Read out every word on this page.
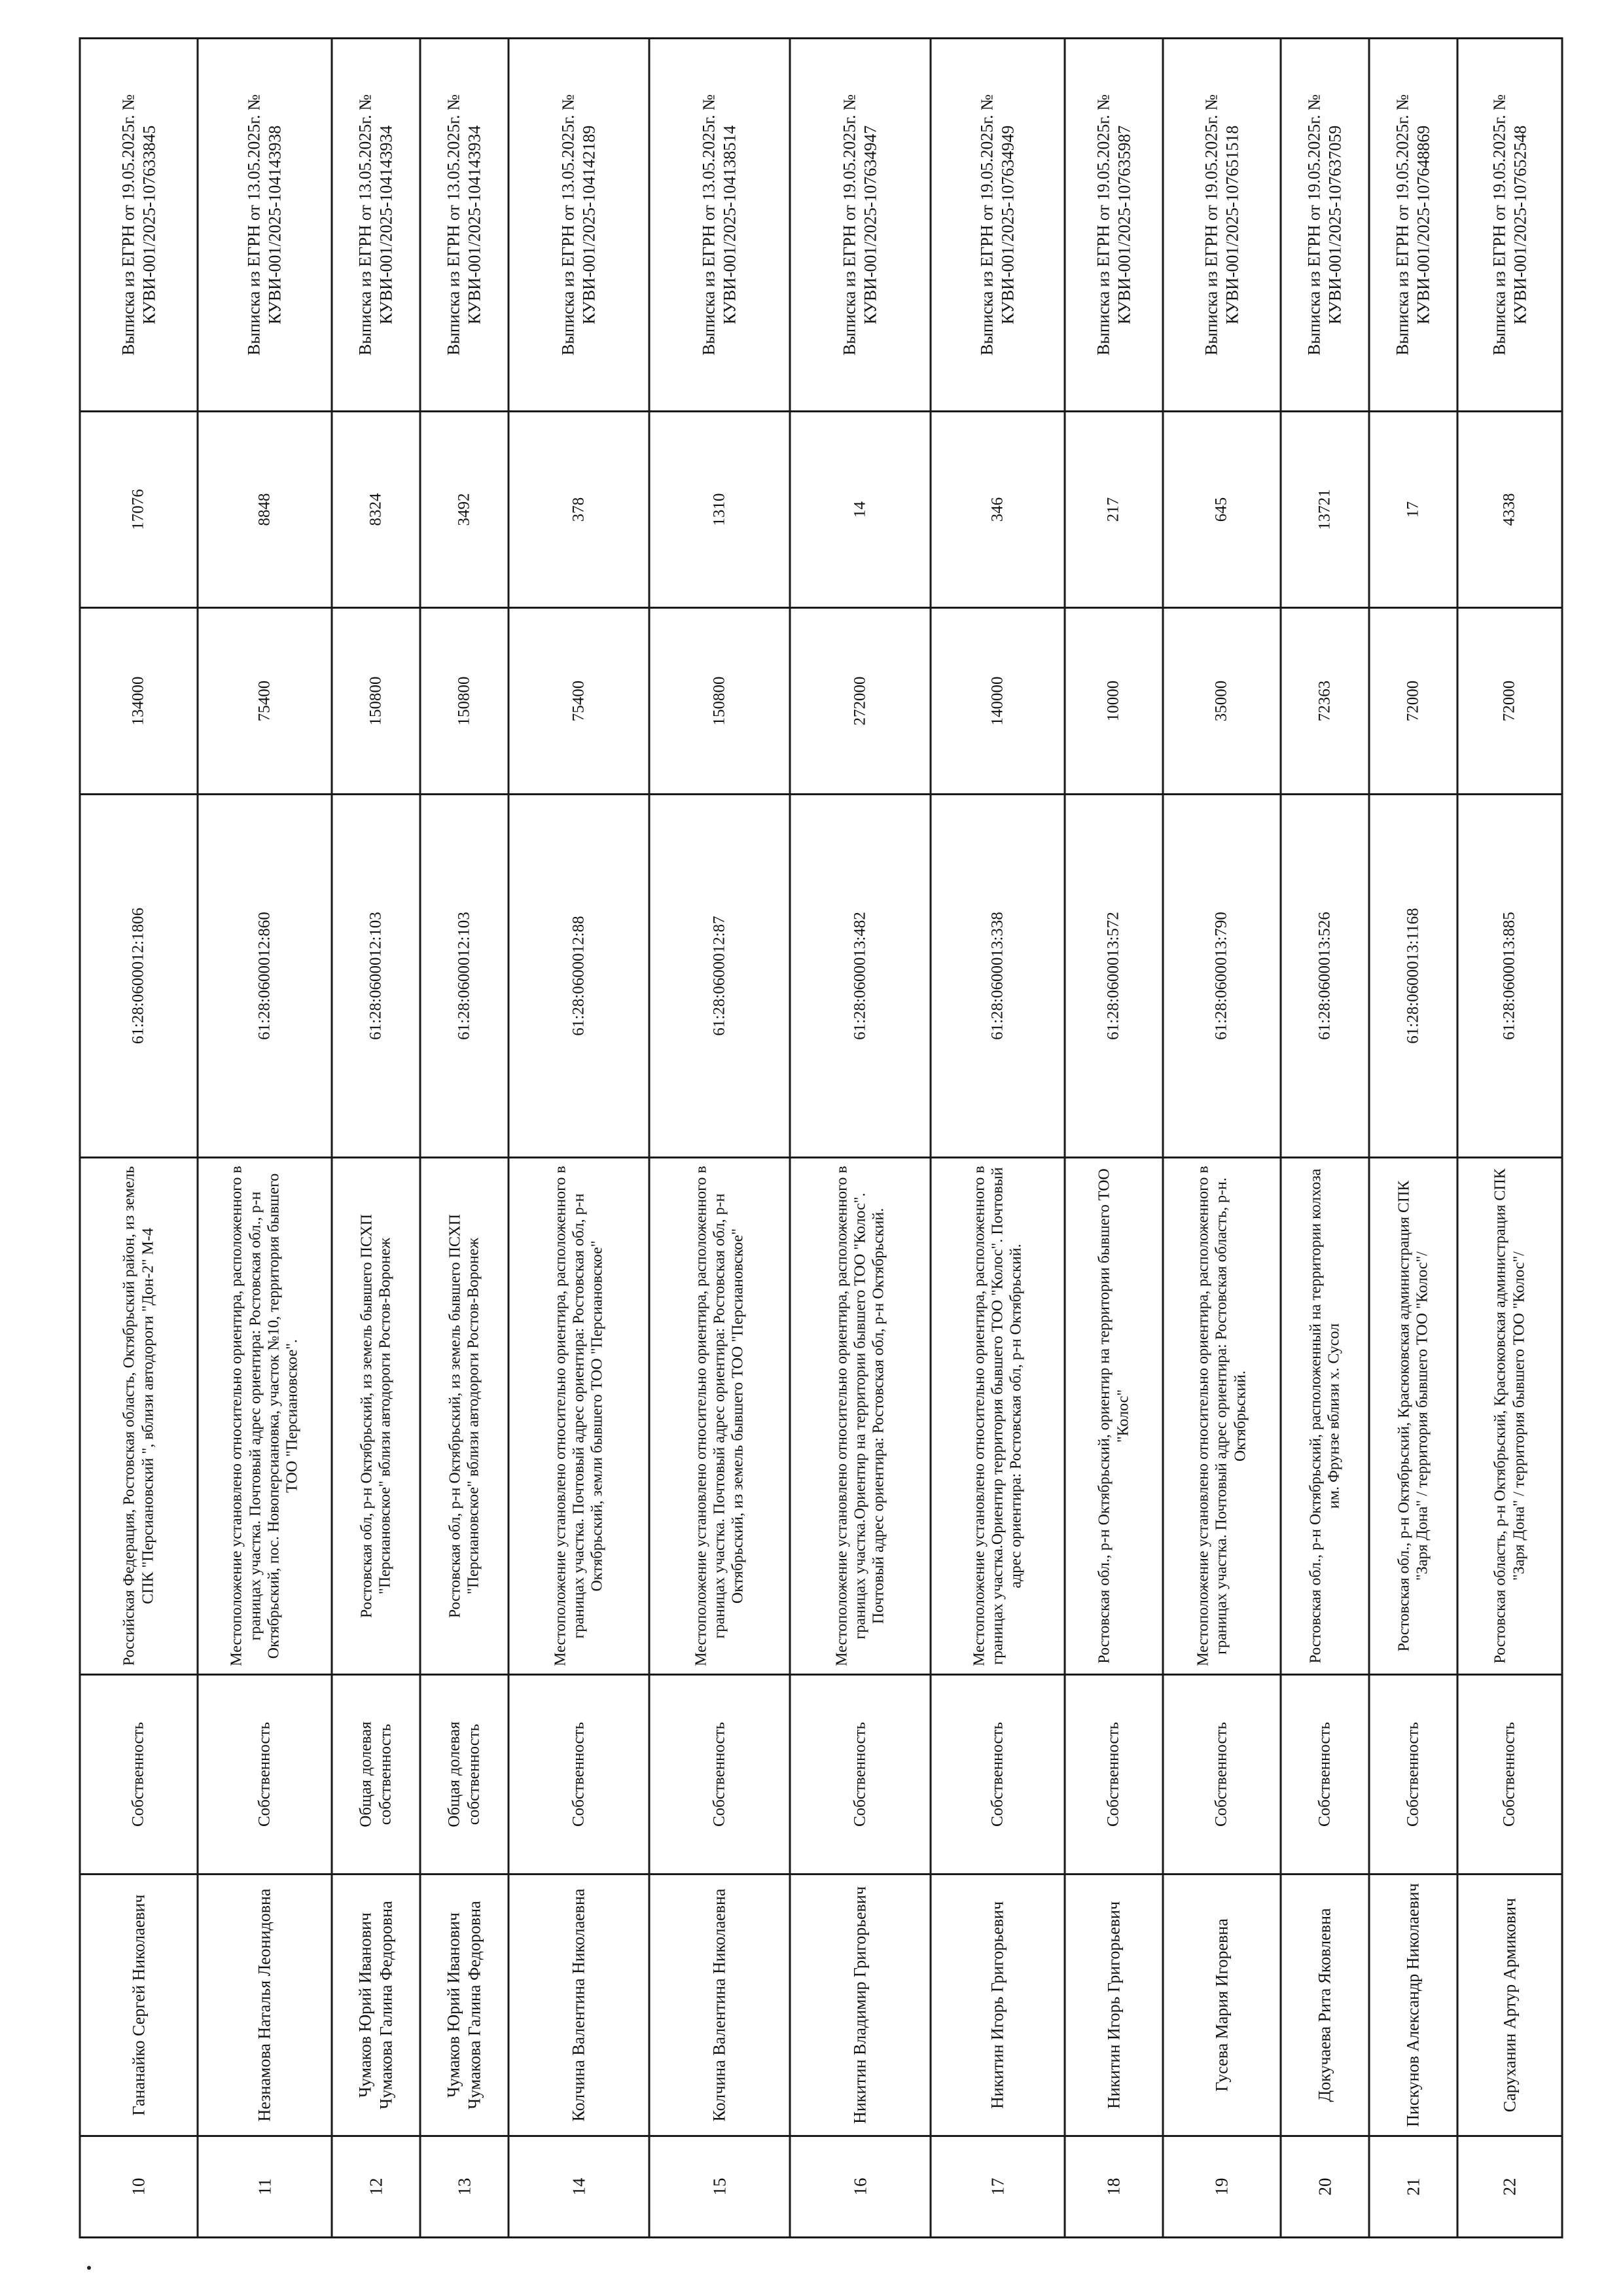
10	Гананайко Сергей Николаевич	Собственность	Российская Федерация, Ростовская область, Октябрьский район, из земель СПК "Персиановский ", вблизи автодороги "Дон-2" М-4	61:28:0600012:1806	134000	17076	Выписка из ЕГРН от 19.05.2025г. № КУВИ-001/2025-107633845
11	Незнамова Наталья Леонидовна	Собственность	Местоположение установлено относительно ориентира, расположенного в границах участка. Почтовый адрес ориентира: Ростовская обл., р-н Октябрьский, пос. Новоперсиановка, участок №10, территория бывшего ТОО "Персиановское".	61:28:0600012:860	75400	8848	Выписка из ЕГРН от 13.05.2025г. № КУВИ-001/2025-104143938
12	Чумаков Юрий Иванович Чумакова Галина Федоровна	Общая долевая собственность	Ростовская обл, р-н Октябрьский, из земель бывшего ПСХП "Персиановское" вблизи автодороги Ростов-Воронеж	61:28:0600012:103	150800	8324	Выписка из ЕГРН от 13.05.2025г. № КУВИ-001/2025-104143934
13	Чумаков Юрий Иванович Чумакова Галина Федоровна	Общая долевая собственность	Ростовская обл, р-н Октябрьский, из земель бывшего ПСХП "Персиановское" вблизи автодороги Ростов-Воронеж	61:28:0600012:103	150800	3492	Выписка из ЕГРН от 13.05.2025г. № КУВИ-001/2025-104143934
14	Колчина Валентина Николаевна	Собственность	Местоположение установлено относительно ориентира, расположенного в границах участка. Почтовый адрес ориентира: Ростовская обл, р-н Октябрьский, земли бывшего ТОО "Персиановское"	61:28:0600012:88	75400	378	Выписка из ЕГРН от 13.05.2025г. № КУВИ-001/2025-104142189
15	Колчина Валентина Николаевна	Собственность	Местоположение установлено относительно ориентира, расположенного в границах участка. Почтовый адрес ориентира: Ростовская обл, р-н Октябрьский, из земель бывшего ТОО "Персиановское"	61:28:0600012:87	150800	1310	Выписка из ЕГРН от 13.05.2025г. № КУВИ-001/2025-104138514
16	Никитин Владимир Григорьевич	Собственность	Местоположение установлено относительно ориентира, расположенного в границах участка.Ориентир на территории бывшего ТОО "Колос". Почтовый адрес ориентира: Ростовская обл, р-н Октябрьский.	61:28:0600013:482	272000	14	Выписка из ЕГРН от 19.05.2025г. № КУВИ-001/2025-107634947
17	Никитин Игорь Григорьевич	Собственность	Местоположение установлено относительно ориентира, расположенного в границах участка.Ориентир территория бывшего ТОО "Колос". Почтовый адрес ориентира: Ростовская обл, р-н Октябрьский.	61:28:0600013:338	140000	346	Выписка из ЕГРН от 19.05.2025г. № КУВИ-001/2025-107634949
18	Никитин Игорь Григорьевич	Собственность	Ростовская обл., р-н Октябрьский, ориентир на территории бывшего ТОО "Колос"	61:28:0600013:572	10000	217	Выписка из ЕГРН от 19.05.2025г. № КУВИ-001/2025-107635987
19	Гусева Мария Игоревна	Собственность	Местоположение установлено относительно ориентира, расположенного в границах участка. Почтовый адрес ориентира: Ростовская область, р-н. Октябрьский.	61:28:0600013:790	35000	645	Выписка из ЕГРН от 19.05.2025г. № КУВИ-001/2025-107651518
20	Докучаева Рита Яковлевна	Собственность	Ростовская обл., р-н Октябрьский, расположенный на территории колхоза им. Фрунзе вблизи х. Сусол	61:28:0600013:526	72363	13721	Выписка из ЕГРН от 19.05.2025г. № КУВИ-001/2025-107637059
21	Пискунов Александр Николаевич	Собственность	Ростовская обл., р-н Октябрьский, Красюковская администрация СПК "Заря Дона" / территория бывшего ТОО "Колос"/	61:28:0600013:1168	72000	17	Выписка из ЕГРН от 19.05.2025г. № КУВИ-001/2025-107648869
22	Саруханин Артур Армикович	Собственность	Ростовская область, р-н Октябрьский, Красюковская администрация СПК "Заря Дона" / территория бывшего ТОО "Колос"/	61:28:0600013:885	72000	4338	Выписка из ЕГРН от 19.05.2025г. № КУВИ-001/2025-107652548
